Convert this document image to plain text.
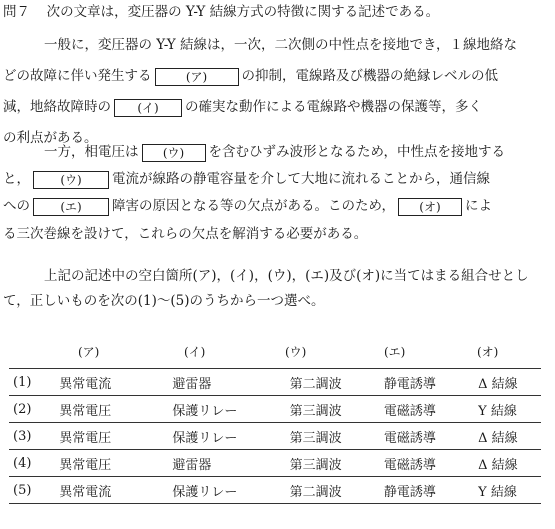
問７ 次の文章は，変圧器の Y-Y 結線方式の特徴に関する記述である。
一般に，変圧器の Y-Y 結線は，一次，二次側の中性点を接地でき，１線地絡な
どの故障に伴い発生する	(ア)	の抑制，電線路及び機器の絶縁レベルの低
減，地絡故障時の (イ) の確実な動作による電線路や機器の保護等，多く
の利点がある。
一方，相電圧は (ウ) を含むひずみ波形となるため，中性点を接地する
と，	(ウ) 電流が線路の静電容量を介して大地に流れることから，通信線
への	(エ) 障害の原因となる等の欠点がある。このため， (オ) によ
る三次巻線を設けて，これらの欠点を解消する必要がある。
上記の記述中の空白箇所(ア)，(イ)，(ウ)，(エ)及び(オ)に当てはまる組合せとし
て，正しいものを次の(1)～(5)のうちから一つ選べ。
(ア)	(イ)	(ウ)	(エ)	(オ)
(1)	異常電流	避雷器	第二調波	静電誘導	Δ 結線
(2)	異常電圧	保護リレー	第三調波	電磁誘導	Y 結線
(3)	異常電圧	保護リレー	第三調波	電磁誘導	Δ 結線
(4)	異常電圧	避雷器	第三調波	電磁誘導	Δ 結線
(5)	異常電流	保護リレー	第二調波	静電誘導	Y 結線
